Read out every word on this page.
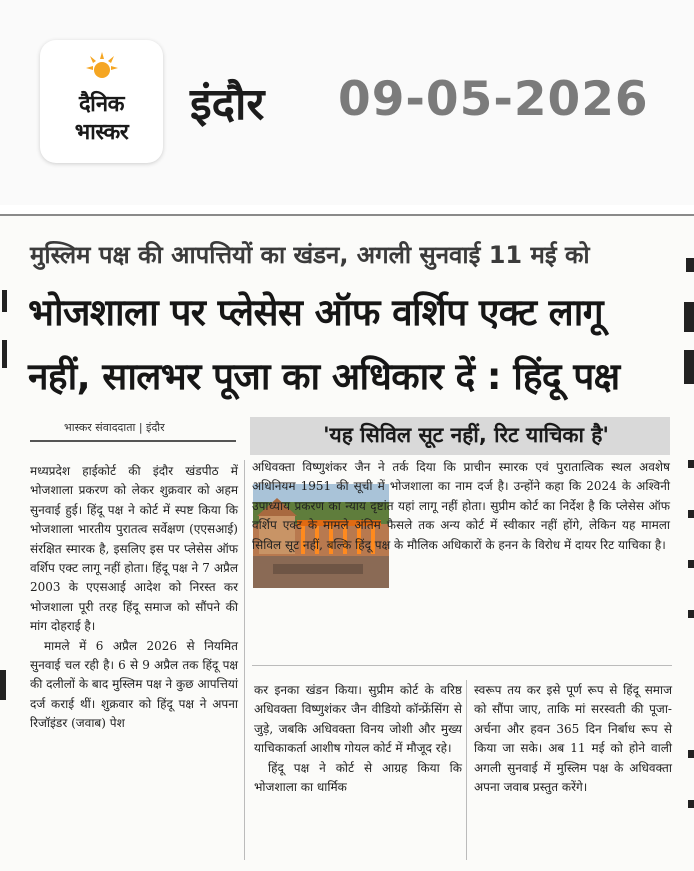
दैनिक
भास्कर
इंदौर 09-05-2026
मुस्लिम पक्ष की आपत्तियों का खंडन, अगली सुनवाई 11 मई को
भोजशाला पर प्लेसेस ऑफ वर्शिप एक्ट लागू
नहीं, सालभर पूजा का अधिकार दें : हिंदू पक्ष
भास्कर संवाददाता | इंदौर	'यह सिविल सूट नहीं, रिट याचिका है'

मध्यप्रदेश हाईकोर्ट की इंदौर खंडपीठ में भोजशाला प्रकरण को लेकर शुक्रवार को अहम सुनवाई हुई। हिंदू पक्ष ने कोर्ट में स्पष्ट किया कि भोजशाला भारतीय पुरातत्व सर्वेक्षण (एएसआई) संरक्षित स्मारक है, इसलिए इस पर प्लेसेस ऑफ वर्शिप एक्ट लागू नहीं होता। हिंदू पक्ष ने 7 अप्रैल 2003 के एएसआई आदेश को निरस्त कर भोजशाला पूरी तरह हिंदू समाज को सौंपने की मांग दोहराई है।

मामले में 6 अप्रैल 2026 से नियमित सुनवाई चल रही है। 6 से 9 अप्रैल तक हिंदू पक्ष की दलीलों के बाद मुस्लिम पक्ष ने कुछ आपत्तियां दर्ज कराई थीं। शुक्रवार को हिंदू पक्ष ने अपना रिजॉइंडर (जवाब) पेश

अधिवक्ता विष्णुशंकर जैन ने तर्क दिया कि प्राचीन स्मारक एवं पुरातात्विक स्थल अवशेष अधिनियम 1951 की सूची में भोजशाला का नाम दर्ज है। उन्होंने कहा कि 2024 के अश्विनी उपाध्याय प्रकरण का न्याय दृष्टांत यहां लागू नहीं होता। सुप्रीम कोर्ट का निर्देश है कि प्लेसेस ऑफ वर्शिप एक्ट के मामले अंतिम फैसले तक अन्य कोर्ट में स्वीकार नहीं होंगे, लेकिन यह मामला सिविल सूट नहीं, बल्कि हिंदू पक्ष के मौलिक अधिकारों के हनन के विरोध में दायर रिट याचिका है।

कर इनका खंडन किया। सुप्रीम कोर्ट के वरिष्ठ अधिवक्ता विष्णुशंकर जैन वीडियो कॉन्फ्रेंसिंग से जुड़े, जबकि अधिवक्ता विनय जोशी और मुख्य याचिकाकर्ता आशीष गोयल कोर्ट में मौजूद रहे।

हिंदू पक्ष ने कोर्ट से आग्रह किया कि भोजशाला का धार्मिक

स्वरूप तय कर इसे पूर्ण रूप से हिंदू समाज को सौंपा जाए, ताकि मां सरस्वती की पूजा-अर्चना और हवन 365 दिन निर्बाध रूप से किया जा सके। अब 11 मई को होने वाली अगली सुनवाई में मुस्लिम पक्ष के अधिवक्ता अपना जवाब प्रस्तुत करेंगे।
